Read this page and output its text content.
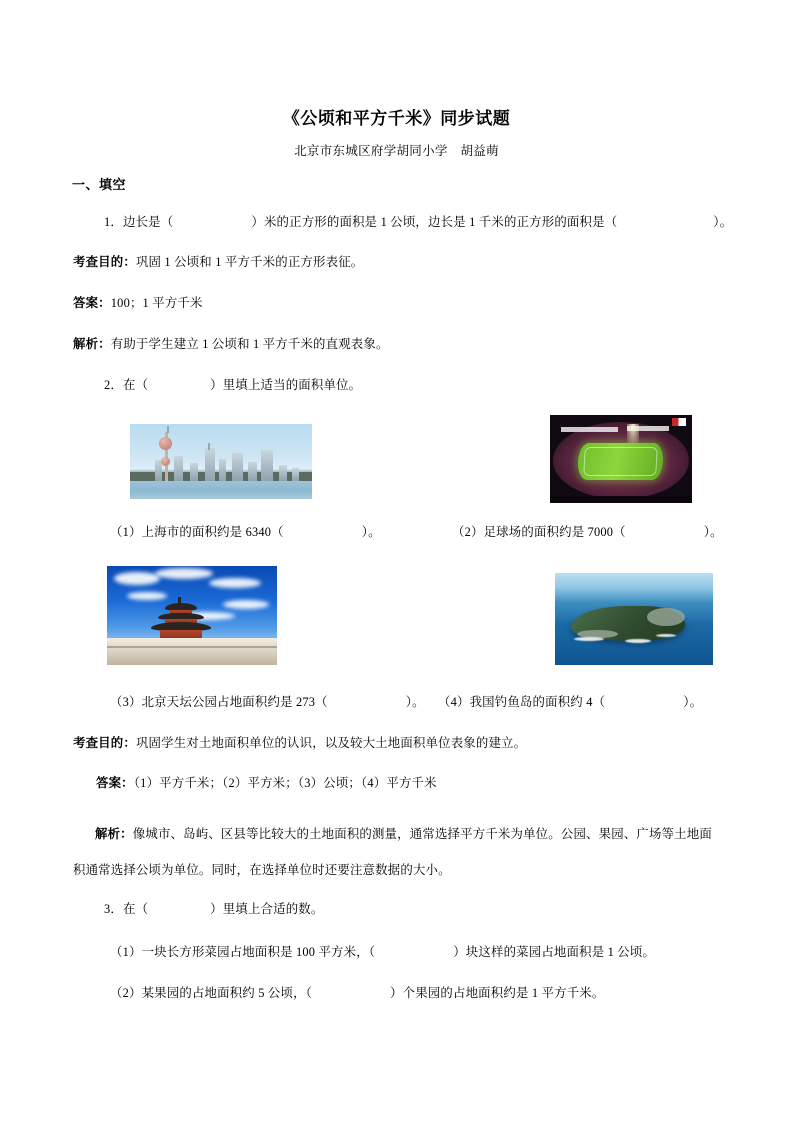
《公顷和平方千米》同步试题
北京市东城区府学胡同小学　胡益萌
一、填空
1．边长是（	）米的正方形的面积是 1 公顷，边长是 1 千米的正方形的面积是（	）。
考查目的：巩固 1 公顷和 1 平方千米的正方形表征。
答案：100；1 平方千米
解析：有助于学生建立 1 公顷和 1 平方千米的直观表象。
2．在（	）里填上适当的面积单位。
（1）上海市的面积约是 6340（	）。	（2）足球场的面积约是 7000（	）。
（3）北京天坛公园占地面积约是 273（	）。 （4）我国钓鱼岛的面积约 4（	）。
考查目的：巩固学生对土地面积单位的认识，以及较大土地面积单位表象的建立。
答案：（1）平方千米；（2）平方米；（3）公顷；（4）平方千米
解析：像城市、岛屿、区县等比较大的土地面积的测量，通常选择平方千米为单位。公园、果园、广场等土地面积通常选择公顷为单位。同时，在选择单位时还要注意数据的大小。
3．在（	）里填上合适的数。
（1）一块长方形菜园占地面积是 100 平方米，（	）块这样的菜园占地面积是 1 公顷。
（2）某果园的占地面积约 5 公顷，（	）个果园的占地面积约是 1 平方千米。
